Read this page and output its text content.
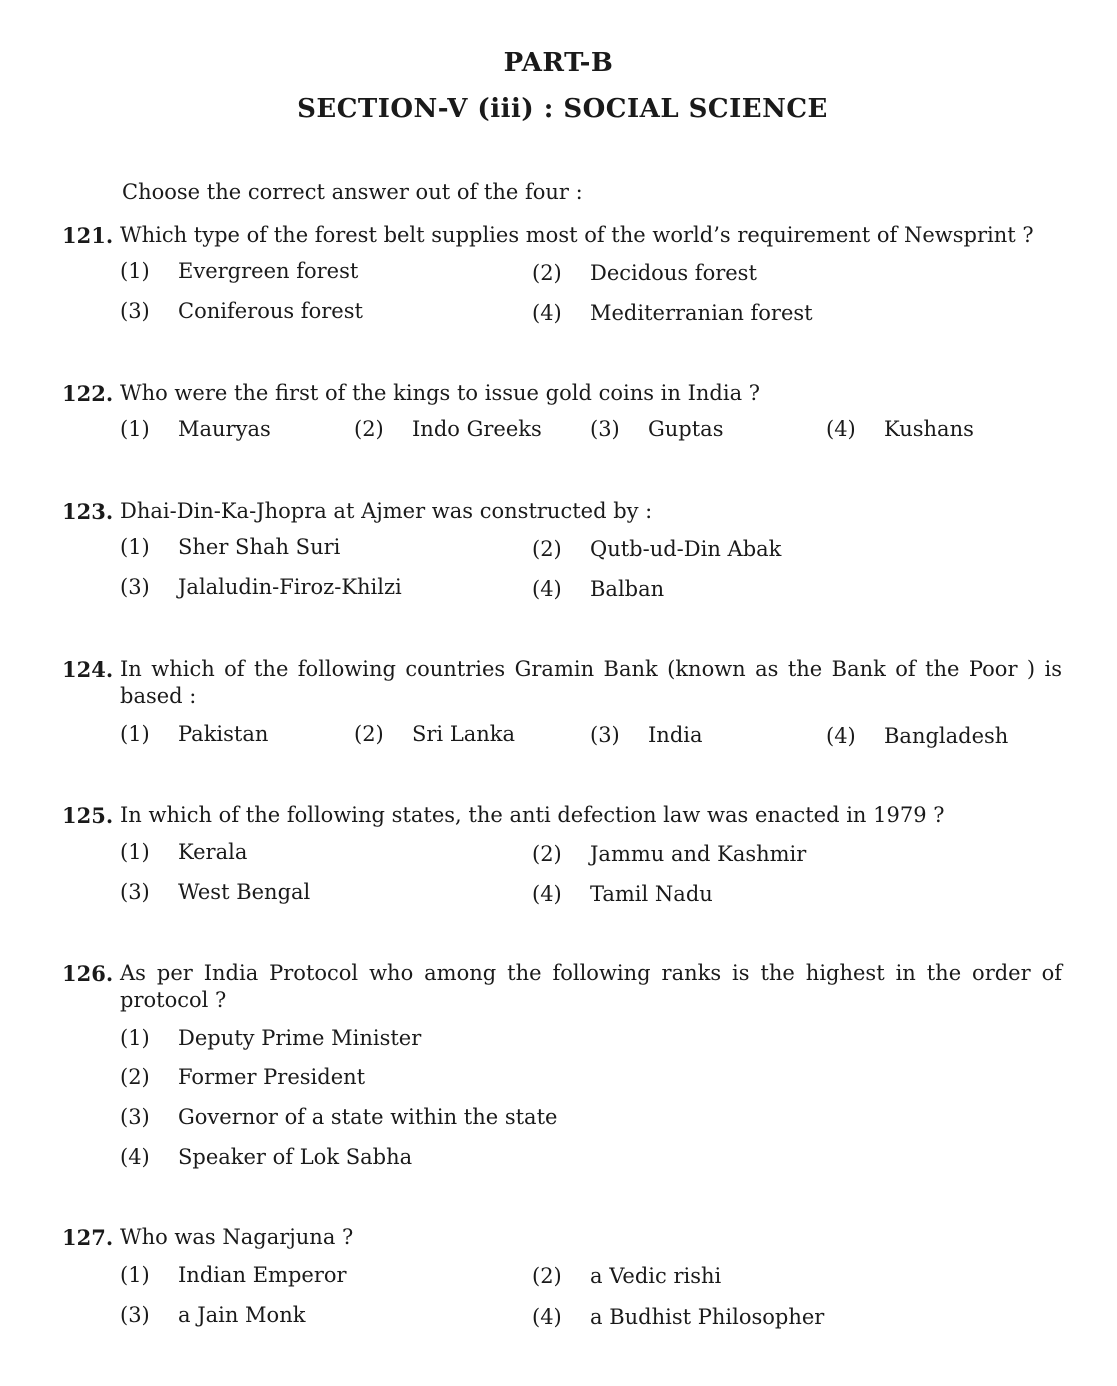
PART-B
SECTION-V (iii) : SOCIAL SCIENCE
Choose the correct answer out of the four :
121. Which type of the forest belt supplies most of the world’s requirement of Newsprint ?
(1) Evergreen forest	(2) Decidous forest
(3) Coniferous forest	(4) Mediterranian forest
122. Who were the first of the kings to issue gold coins in India ?
(1) Mauryas	(2) Indo Greeks (3) Guptas	(4) Kushans
123. Dhai-Din-Ka-Jhopra at Ajmer was constructed by :
(1) Sher Shah Suri	(2) Qutb-ud-Din Abak
(3) Jalaludin-Firoz-Khilzi	(4) Balban
124. In which of the following countries Gramin Bank (known as the Bank of the Poor ) is based :
(1) Pakistan	(2) Sri Lanka	(3) India	(4) Bangladesh
125. In which of the following states, the anti defection law was enacted in 1979 ?
(1) Kerala	(2) Jammu and Kashmir
(3) West Bengal	(4) Tamil Nadu
126. As per India Protocol who among the following ranks is the highest in the order of protocol ?
(1) Deputy Prime Minister
(2) Former President
(3) Governor of a state within the state
(4) Speaker of Lok Sabha
127. Who was Nagarjuna ?
(1) Indian Emperor	(2) a Vedic rishi
(3) a Jain Monk	(4) a Budhist Philosopher
